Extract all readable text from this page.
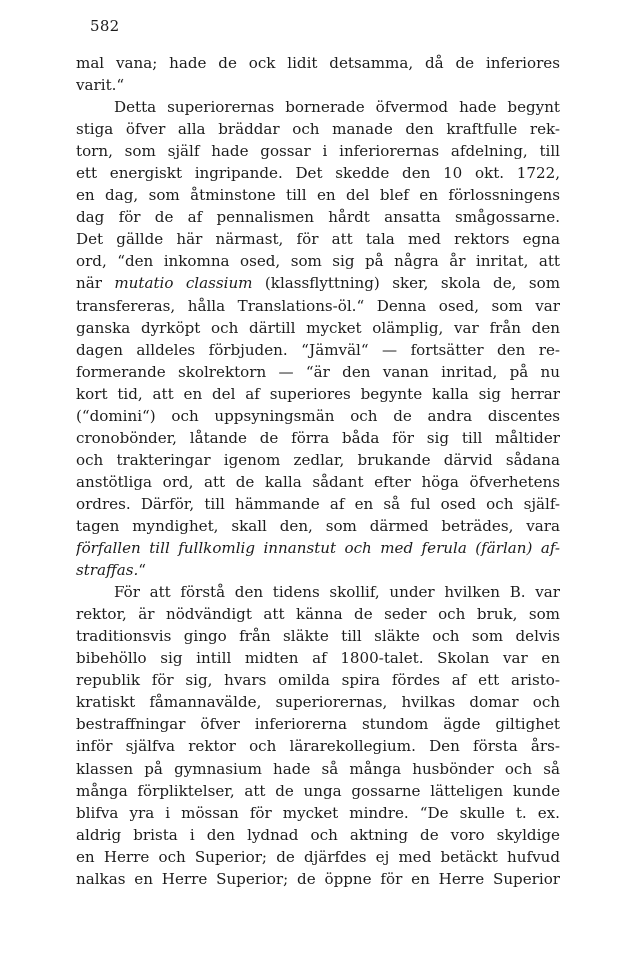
582
mal vana; hade de ock lidit detsamma, då de inferiores
varit.“
Detta superiorernas bornerade öfvermod hade begynt
stiga öfver alla bräddar och manade den kraftfulle rek-
torn, som själf hade gossar i inferiorernas afdelning, till
ett energiskt ingripande. Det skedde den 10 okt. 1722,
en dag, som åtminstone till en del blef en förlossningens
dag för de af pennalismen hårdt ansatta smågossarne.
Det gällde här närmast, för att tala med rektors egna
ord, “den inkomna osed, som sig på några år inritat, att
när mutatio classium (klassflyttning) sker, skola de, som
transfereras, hålla Translations-öl.“ Denna osed, som var
ganska dyrköpt och därtill mycket olämplig, var från den
dagen alldeles förbjuden. “Jämväl“ — fortsätter den re-
formerande skolrektorn — “är den vanan inritad, på nu
kort tid, att en del af superiores begynte kalla sig herrar
(“domini“) och uppsyningsmän och de andra discentes
cronobönder, låtande de förra båda för sig till måltider
och trakteringar igenom zedlar, brukande därvid sådana
anstötliga ord, att de kalla sådant efter höga öfverhetens
ordres. Därför, till hämmande af en så ful osed och själf-
tagen myndighet, skall den, som därmed beträdes, vara
förfallen till fullkomlig innanstut och med ferula (färlan) af-
straffas.“
För att förstå den tidens skollif, under hvilken B. var
rektor, är nödvändigt att känna de seder och bruk, som
traditionsvis gingo från släkte till släkte och som delvis
bibehöllo sig intill midten af 1800-talet. Skolan var en
republik för sig, hvars omilda spira fördes af ett aristo-
kratiskt fåmannavälde, superiorernas, hvilkas domar och
bestraffningar öfver inferiorerna stundom ägde giltighet
inför själfva rektor och lärarekollegium. Den första års-
klassen på gymnasium hade så många husbönder och så
många förpliktelser, att de unga gossarne lätteligen kunde
blifva yra i mössan för mycket mindre. “De skulle t. ex.
aldrig brista i den lydnad och aktning de voro skyldige
en Herre och Superior; de djärfdes ej med betäckt hufvud
nalkas en Herre Superior; de öppne för en Herre Superior
